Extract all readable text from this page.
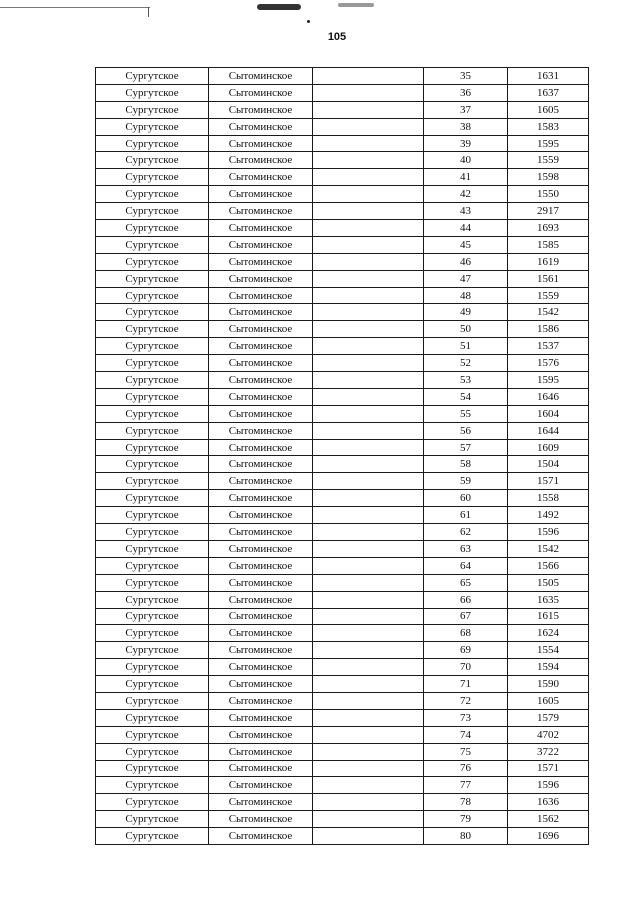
105
Сургутское	Сытоминское		35	1631
Сургутское	Сытоминское		36	1637
Сургутское	Сытоминское		37	1605
Сургутское	Сытоминское		38	1583
Сургутское	Сытоминское		39	1595
Сургутское	Сытоминское		40	1559
Сургутское	Сытоминское		41	1598
Сургутское	Сытоминское		42	1550
Сургутское	Сытоминское		43	2917
Сургутское	Сытоминское		44	1693
Сургутское	Сытоминское		45	1585
Сургутское	Сытоминское		46	1619
Сургутское	Сытоминское		47	1561
Сургутское	Сытоминское		48	1559
Сургутское	Сытоминское		49	1542
Сургутское	Сытоминское		50	1586
Сургутское	Сытоминское		51	1537
Сургутское	Сытоминское		52	1576
Сургутское	Сытоминское		53	1595
Сургутское	Сытоминское		54	1646
Сургутское	Сытоминское		55	1604
Сургутское	Сытоминское		56	1644
Сургутское	Сытоминское		57	1609
Сургутское	Сытоминское		58	1504
Сургутское	Сытоминское		59	1571
Сургутское	Сытоминское		60	1558
Сургутское	Сытоминское		61	1492
Сургутское	Сытоминское		62	1596
Сургутское	Сытоминское		63	1542
Сургутское	Сытоминское		64	1566
Сургутское	Сытоминское		65	1505
Сургутское	Сытоминское		66	1635
Сургутское	Сытоминское		67	1615
Сургутское	Сытоминское		68	1624
Сургутское	Сытоминское		69	1554
Сургутское	Сытоминское		70	1594
Сургутское	Сытоминское		71	1590
Сургутское	Сытоминское		72	1605
Сургутское	Сытоминское		73	1579
Сургутское	Сытоминское		74	4702
Сургутское	Сытоминское		75	3722
Сургутское	Сытоминское		76	1571
Сургутское	Сытоминское		77	1596
Сургутское	Сытоминское		78	1636
Сургутское	Сытоминское		79	1562
Сургутское	Сытоминское		80	1696
